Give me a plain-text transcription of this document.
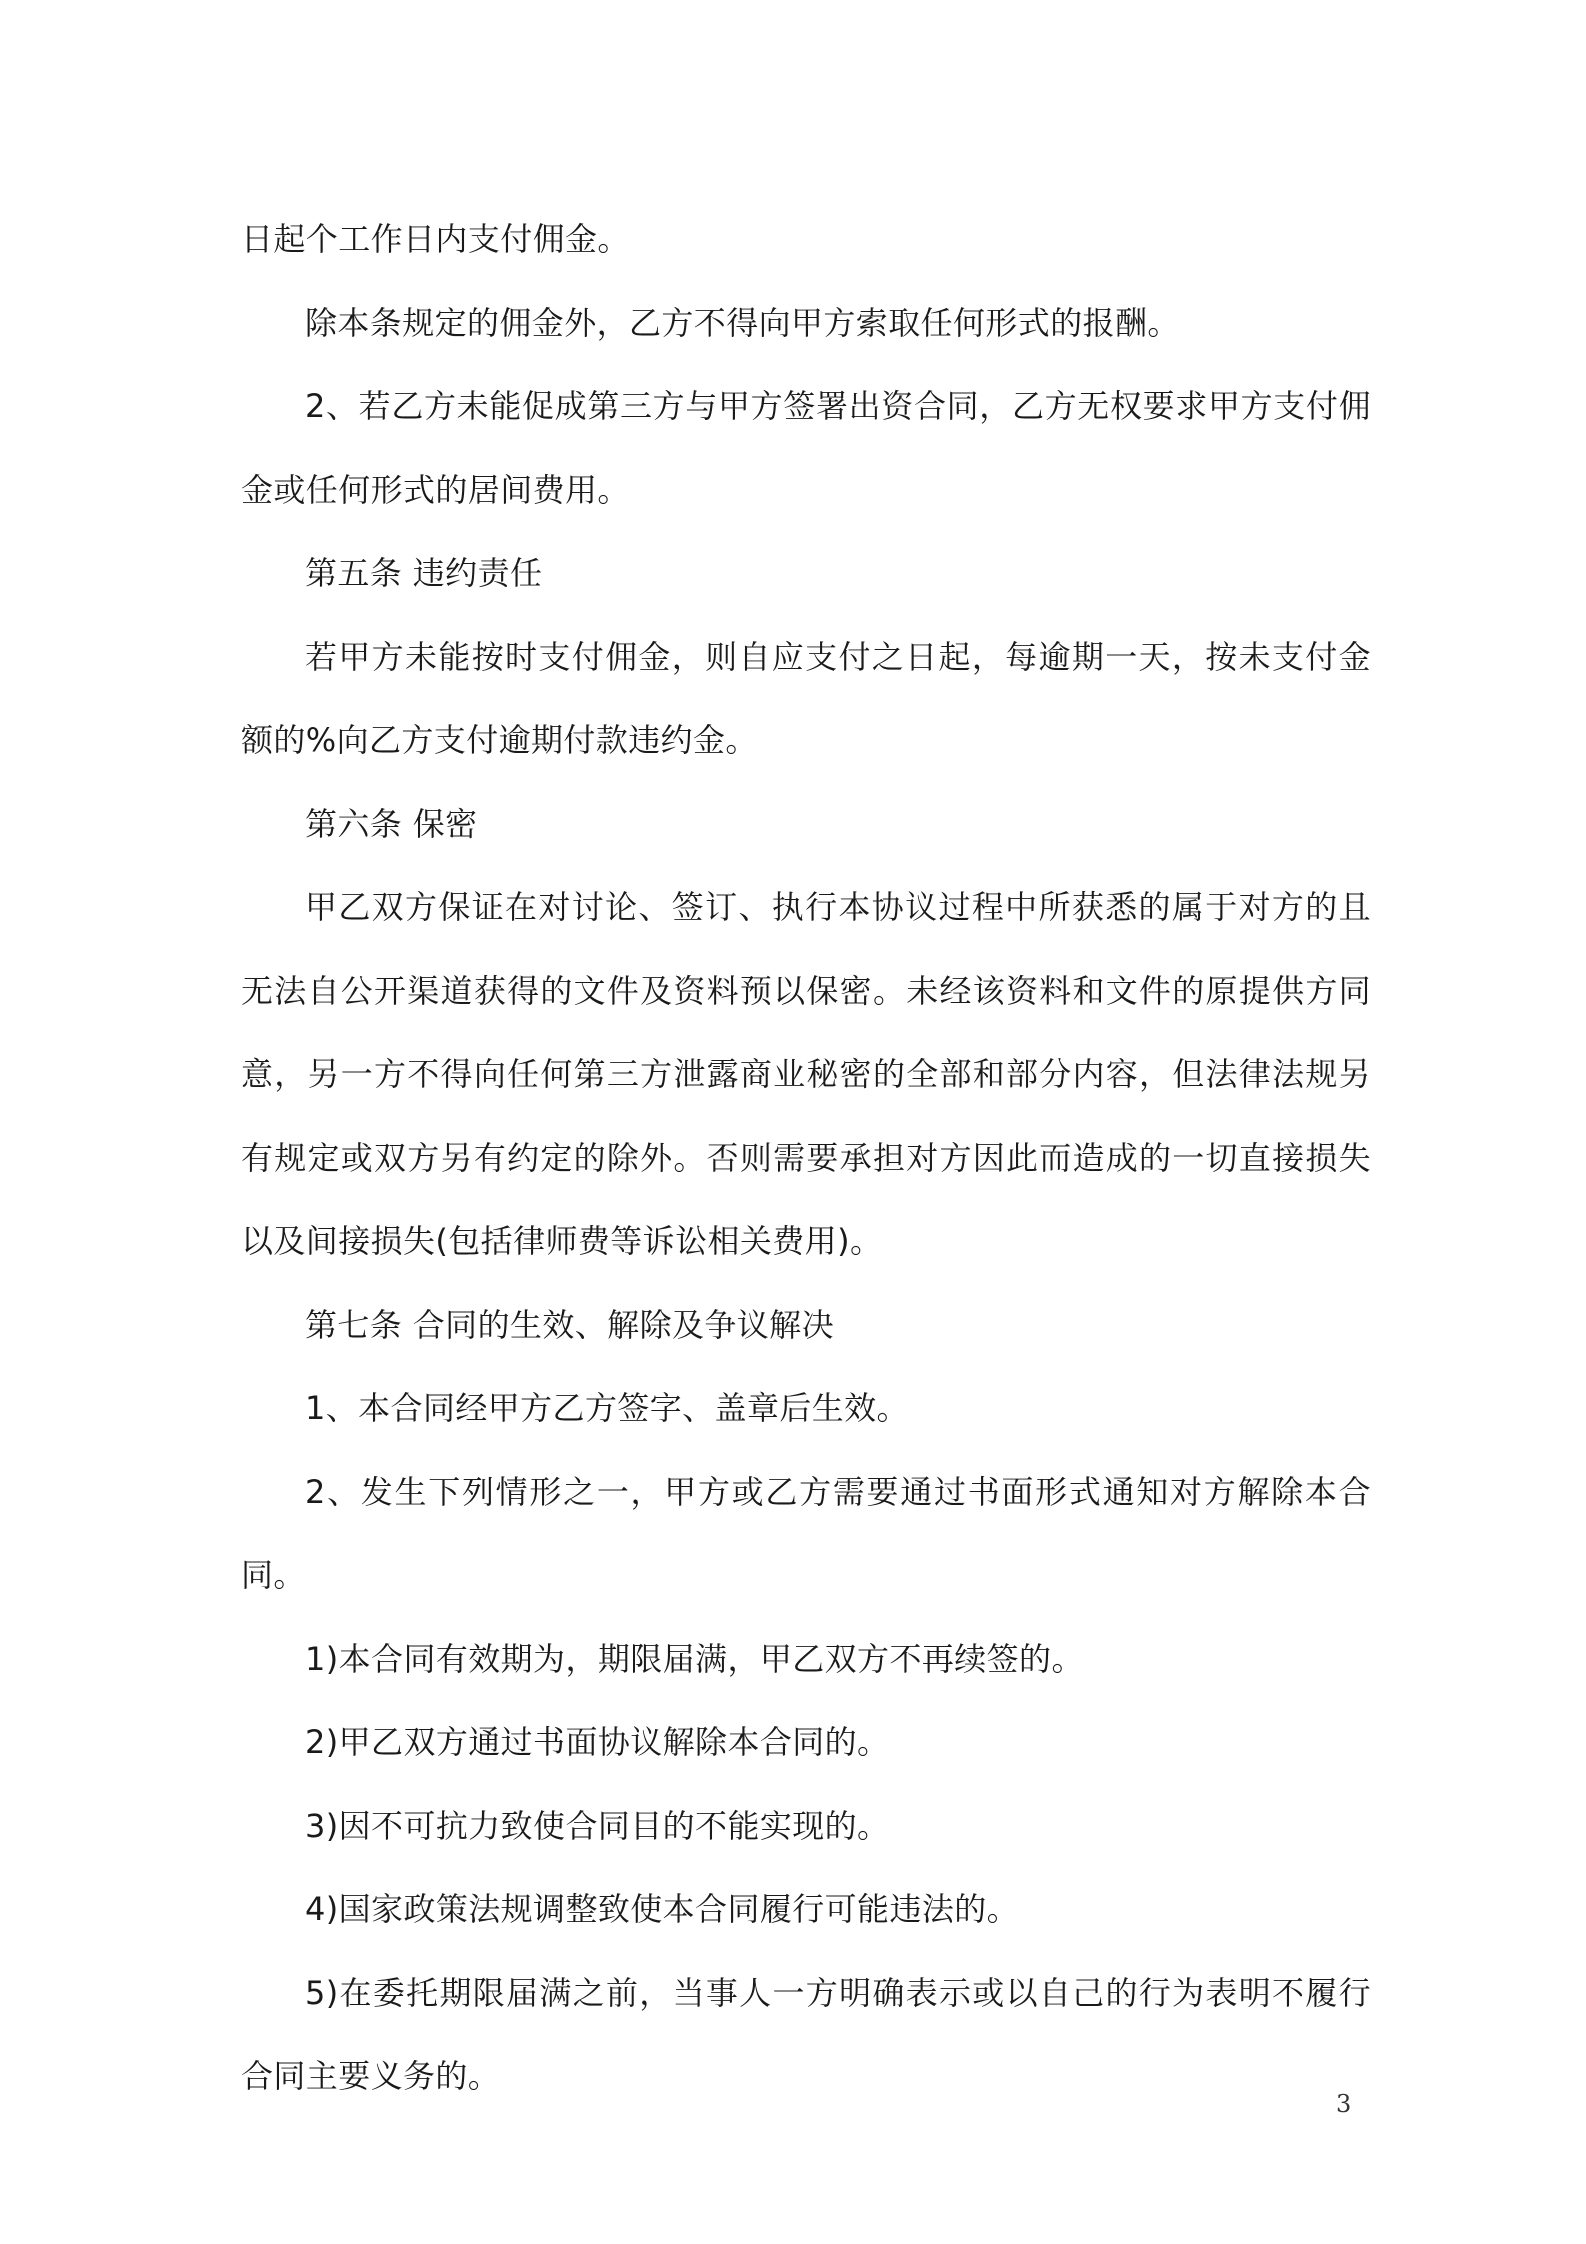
日起个工作日内支付佣金。

除本条规定的佣金外，乙方不得向甲方索取任何形式的报酬。

2、若乙方未能促成第三方与甲方签署出资合同，乙方无权要求甲方支付佣金或任何形式的居间费用。

第五条 违约责任

若甲方未能按时支付佣金，则自应支付之日起，每逾期一天，按未支付金额的%向乙方支付逾期付款违约金。

第六条 保密

甲乙双方保证在对讨论、签订、执行本协议过程中所获悉的属于对方的且无法自公开渠道获得的文件及资料预以保密。未经该资料和文件的原提供方同意，另一方不得向任何第三方泄露商业秘密的全部和部分内容，但法律法规另有规定或双方另有约定的除外。否则需要承担对方因此而造成的一切直接损失以及间接损失(包括律师费等诉讼相关费用)。

第七条 合同的生效、解除及争议解决

1、本合同经甲方乙方签字、盖章后生效。

2、发生下列情形之一，甲方或乙方需要通过书面形式通知对方解除本合同。

1)本合同有效期为，期限届满，甲乙双方不再续签的。

2)甲乙双方通过书面协议解除本合同的。

3)因不可抗力致使合同目的不能实现的。

4)国家政策法规调整致使本合同履行可能违法的。

5)在委托期限届满之前，当事人一方明确表示或以自己的行为表明不履行合同主要义务的。

3
